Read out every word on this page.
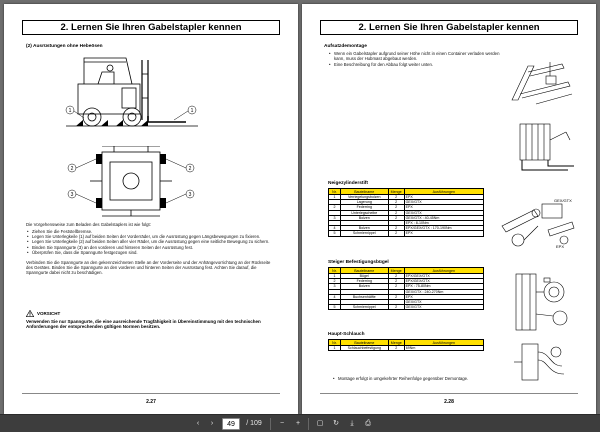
2. Lernen Sie Ihren Gabelstapler kennen
(2) Ausrüstungen ohne Hebeösen
1	1
2
3
2
3

Die Vorgehensweise zum Beladen des Gabelstaplers ist wie folgt:

• Ziehen Sie die Feststellbremse.
• Legen Sie Unterlegkeile (1) auf beiden Seiten der Vorderräder, um die Ausrüstung gegen Längsbewegungen zu fixieren.
• Legen Sie Unterlegkeile (2) auf beiden Seiten aller vier Räder, um die Ausrüstung gegen eine seitliche Bewegung zu sichern.
• Binden Sie Spanngurte (3) an den vorderen und hinteren Seiten der Ausrüstung fest.
• Überprüfen Sie, dass die Spanngurte festgezogen sind.

Verbinden Sie die Spanngurte an den gekennzeichneten Stelle an der Vorderseite und der Anhängevorrichtung an der Rückseite des Gerätes. Binden Sie die Spanngurte an den vorderen und hinteren Seiten der Ausrüstung fest. Achten Sie darauf, die Spanngurte dabei nicht zu beschädigen.

VORSICHT
Verwenden Sie nur Spanngurte, die eine ausreichende Tragfähigkeit in Übereinstimmung mit den technischen Anforderungen der entsprechenden gültigen Normen besitzen.
2.27
2. Lernen Sie Ihren Gabelstapler kennen
Aufsatzdemontage
• Wenn ein Gabelstapler aufgrund seiner Höhe nicht in einen Container verladen werden kann, muss der Hubmast abgebaut werden.
• Eine Beschreibung für den Abbau folgt weiter unten.
GEX/GTX
EPX
Neigezylinderstift
Nr.	Bauteilname	Menge	Ausführungen
1	Verriegelungsbolzen	2	EPX
	Lagerung	2	GEX/GTX
2	Federring	2	EPX
	Unterlegscheibe	2	GEX/GTX
3	Bolzen	2	GEX/GTX : 40-45Nm
			EPX : 8-10Nm
4	Bolzen	2	EPX/GEX/GTX : 170-190Nm
5	Schmiernippel	2	EPX
Steiger Befestigungsbügel
Nr.	Bauteilname	Menge	Ausführungen
1	Bügel	2	EPX/GEX/GTX
2	Federring	2	EPX/GEX/GTX
3	Bolzen	2	EPX : 75-80Nm
			GEX/GTX : 240-270Nm
4	Buchsenhälfte	2	EPX
			GEX/GTX
5	Schmiernippel	2	GEX/GTX
Haupt-Schlauch
Nr.	Bauteilname	Menge	Ausführungen
1	Schlauchbefestigung	2	69Nm
• Montage erfolgt in umgekehrter Reihenfolge gegenüber Demontage.
2.28
‹	›	49	/ 109	−	+	▢	↻	⤓	⎙
